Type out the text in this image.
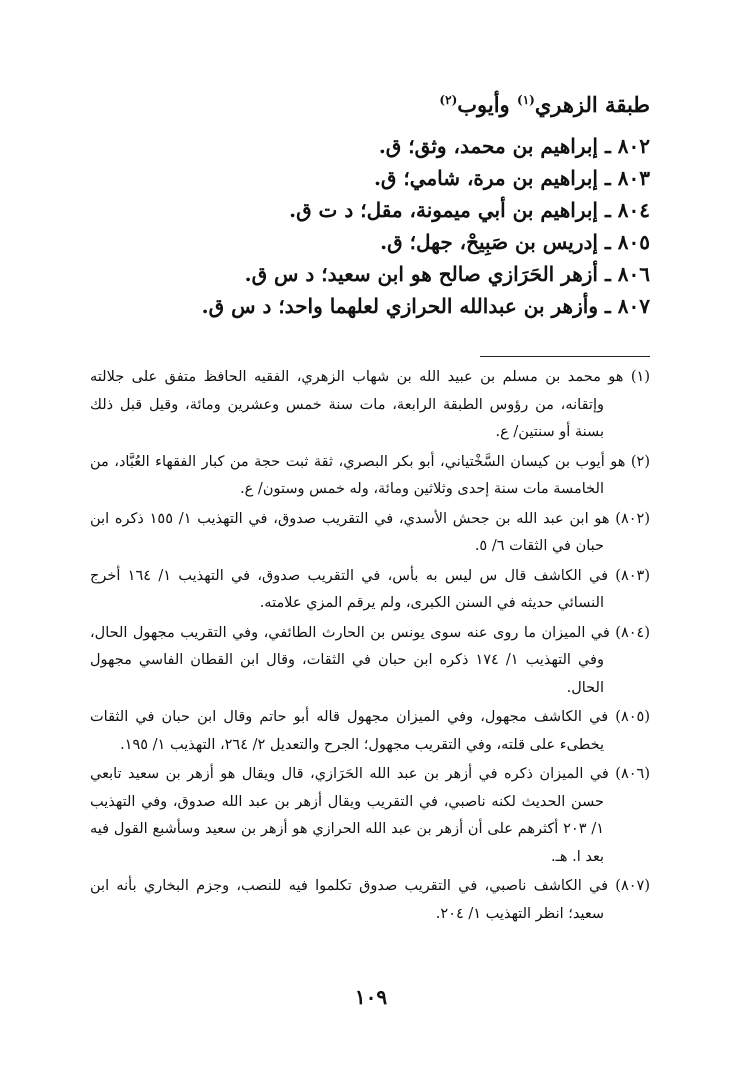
طبقة الزهري$^{(١)}$ وأيوب$^{(٢)}$
٨٠٢ ـ إبراهيم بن محمد، وثق؛ ق.
٨٠٣ ـ إبراهيم بن مرة، شامي؛ ق.
٨٠٤ ـ إبراهيم بن أبي ميمونة، مقل؛ د ت ق.
٨٠٥ ـ إدريس بن صَبِيحْ، جهل؛ ق.
٨٠٦ ـ أزهر الحَرَازي صالح هو ابن سعيد؛ د س ق.
٨٠٧ ـ وأزهر بن عبدالله الحرازي لعلهما واحد؛ د س ق.
(١) هو محمد بن مسلم بن عبيد الله بن شهاب الزهري، الفقيه الحافظ متفق على جلالته وإتقانه، من رؤوس الطبقة الرابعة، مات سنة خمس وعشرين ومائة، وقيل قبل ذلك بسنة أو سنتين/ ع.
(٢) هو أيوب بن كيسان السَّخْتياني، أبو بكر البصري، ثقة ثبت حجة من كبار الفقهاء العُبَّاد، من الخامسة مات سنة إحدى وثلاثين ومائة، وله خمس وستون/ ع.
(٨٠٢) هو ابن عبد الله بن جحش الأسدي، في التقريب صدوق، في التهذيب ١/ ١٥٥ ذكره ابن حبان في الثقات ٦/ ٥.
(٨٠٣) في الكاشف قال س ليس به بأس، في التقريب صدوق، في التهذيب ١/ ١٦٤ أخرج النسائي حديثه في السنن الكبرى، ولم يرقم المزي علامته.
(٨٠٤) في الميزان ما روى عنه سوى يونس بن الحارث الطائفي، وفي التقريب مجهول الحال، وفي التهذيب ١/ ١٧٤ ذكره ابن حبان في الثقات، وقال ابن القطان الفاسي مجهول الحال.
(٨٠٥) في الكاشف مجهول، وفي الميزان مجهول قاله أبو حاتم وقال ابن حبان في الثقات يخطىء على قلته، وفي التقريب مجهول؛ الجرح والتعديل ٢/ ٢٦٤، التهذيب ١/ ١٩٥.
(٨٠٦) في الميزان ذكره في أزهر بن عبد الله الحَرَازي، قال ويقال هو أزهر بن سعيد تابعي حسن الحديث لكنه ناصبي، في التقريب ويقال أزهر بن عبد الله صدوق، وفي التهذيب ١/ ٢٠٣ أكثرهم على أن أزهر بن عبد الله الحرازي هو أزهر بن سعيد وسأشبع القول فيه بعد ا. هـ.
(٨٠٧) في الكاشف ناصبي، في التقريب صدوق تكلموا فيه للنصب، وجزم البخاري بأنه ابن سعيد؛ انظر التهذيب ١/ ٢٠٤.
١٠٩
